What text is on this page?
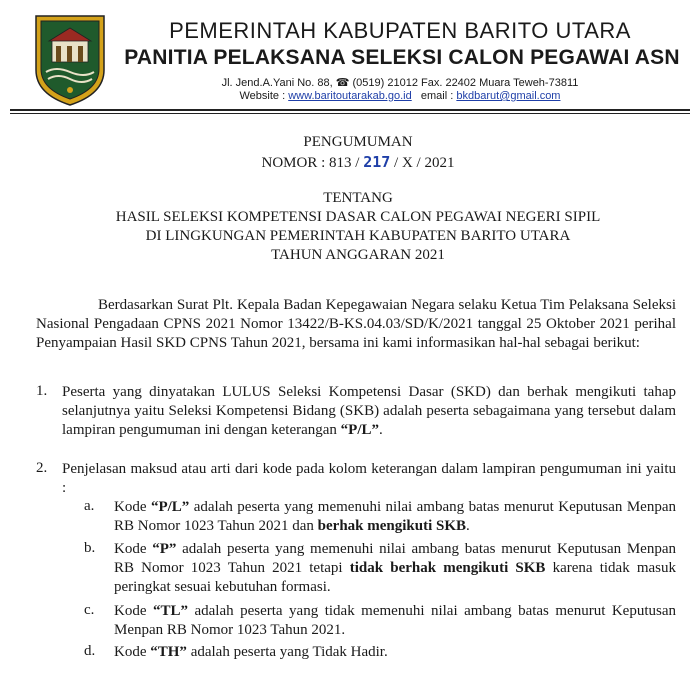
PEMERINTAH KABUPATEN BARITO UTARA
PANITIA PELAKSANA SELEKSI CALON PEGAWAI ASN
Jl. Jend.A.Yani No. 88, ☎ (0519) 21012 Fax. 22402 Muara Teweh-73811
Website : www.baritoutarakab.go.id email : bkdbarut@gmail.com
PENGUMUMAN
NOMOR : 813 / 217 / X / 2021
TENTANG
HASIL SELEKSI KOMPETENSI DASAR CALON PEGAWAI NEGERI SIPIL
DI LINGKUNGAN PEMERINTAH KABUPATEN BARITO UTARA
TAHUN ANGGARAN 2021

Berdasarkan Surat Plt. Kepala Badan Kepegawaian Negara selaku Ketua Tim Pelaksana Seleksi Nasional Pengadaan CPNS 2021 Nomor 13422/B-KS.04.03/SD/K/2021 tanggal 25 Oktober 2021 perihal Penyampaian Hasil SKD CPNS Tahun 2021, bersama ini kami informasikan hal-hal sebagai berikut:

1. Peserta yang dinyatakan LULUS Seleksi Kompetensi Dasar (SKD) dan berhak mengikuti tahap selanjutnya yaitu Seleksi Kompetensi Bidang (SKB) adalah peserta sebagaimana yang tersebut dalam lampiran pengumuman ini dengan keterangan “P/L”.
2. Penjelasan maksud atau arti dari kode pada kolom keterangan dalam lampiran pengumuman ini yaitu :
a. Kode “P/L” adalah peserta yang memenuhi nilai ambang batas menurut Keputusan Menpan RB Nomor 1023 Tahun 2021 dan berhak mengikuti SKB.
b. Kode “P” adalah peserta yang memenuhi nilai ambang batas menurut Keputusan Menpan RB Nomor 1023 Tahun 2021 tetapi tidak berhak mengikuti SKB karena tidak masuk peringkat sesuai kebutuhan formasi.
c. Kode “TL” adalah peserta yang tidak memenuhi nilai ambang batas menurut Keputusan Menpan RB Nomor 1023 Tahun 2021.
d. Kode “TH” adalah peserta yang Tidak Hadir.
